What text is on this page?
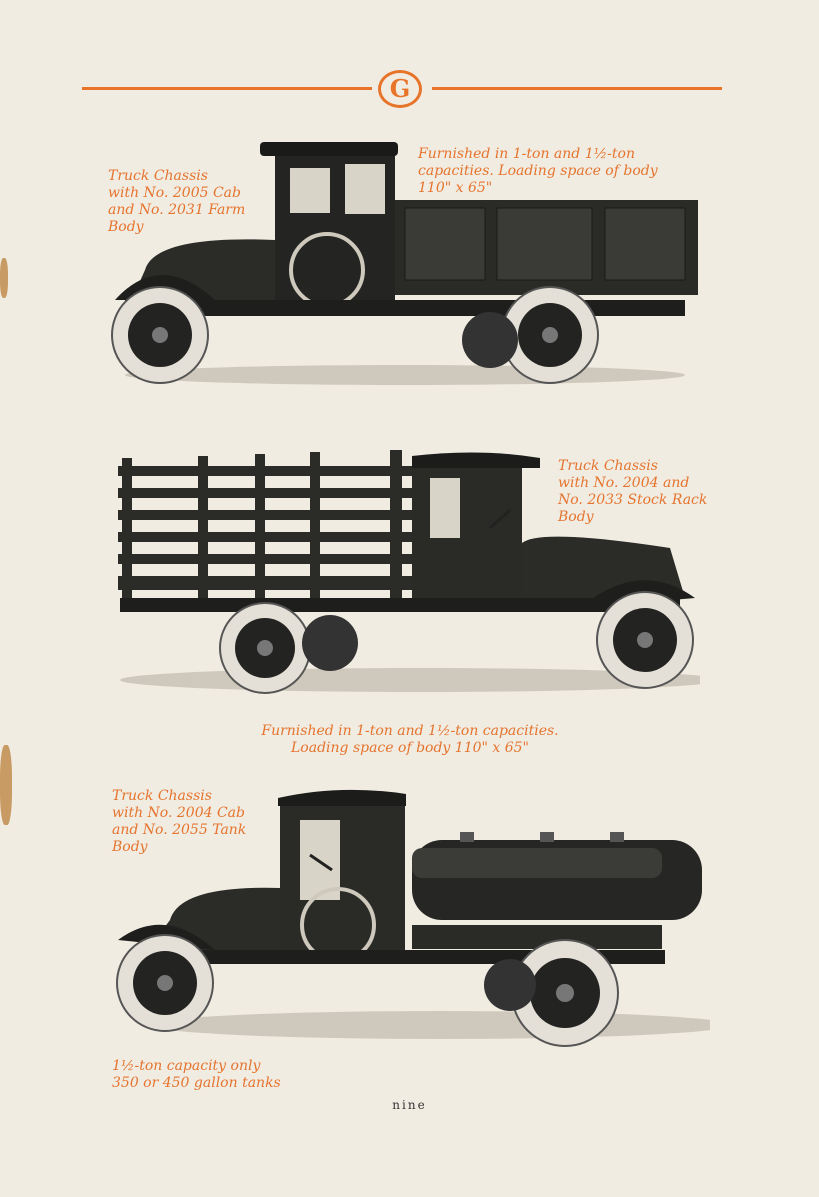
G

Truck Chassis
with No. 2005 Cab
and No. 2031 Farm
Body

Furnished in 1-ton and 1½-ton
capacities. Loading space of body
110" x 65"

Truck Chassis
with No. 2004 and
No. 2033 Stock Rack
Body

Furnished in 1-ton and 1½-ton capacities.
Loading space of body 110" x 65"

Truck Chassis
with No. 2004 Cab
and No. 2055 Tank
Body

1½-ton capacity only
350 or 450 gallon tanks

nine
